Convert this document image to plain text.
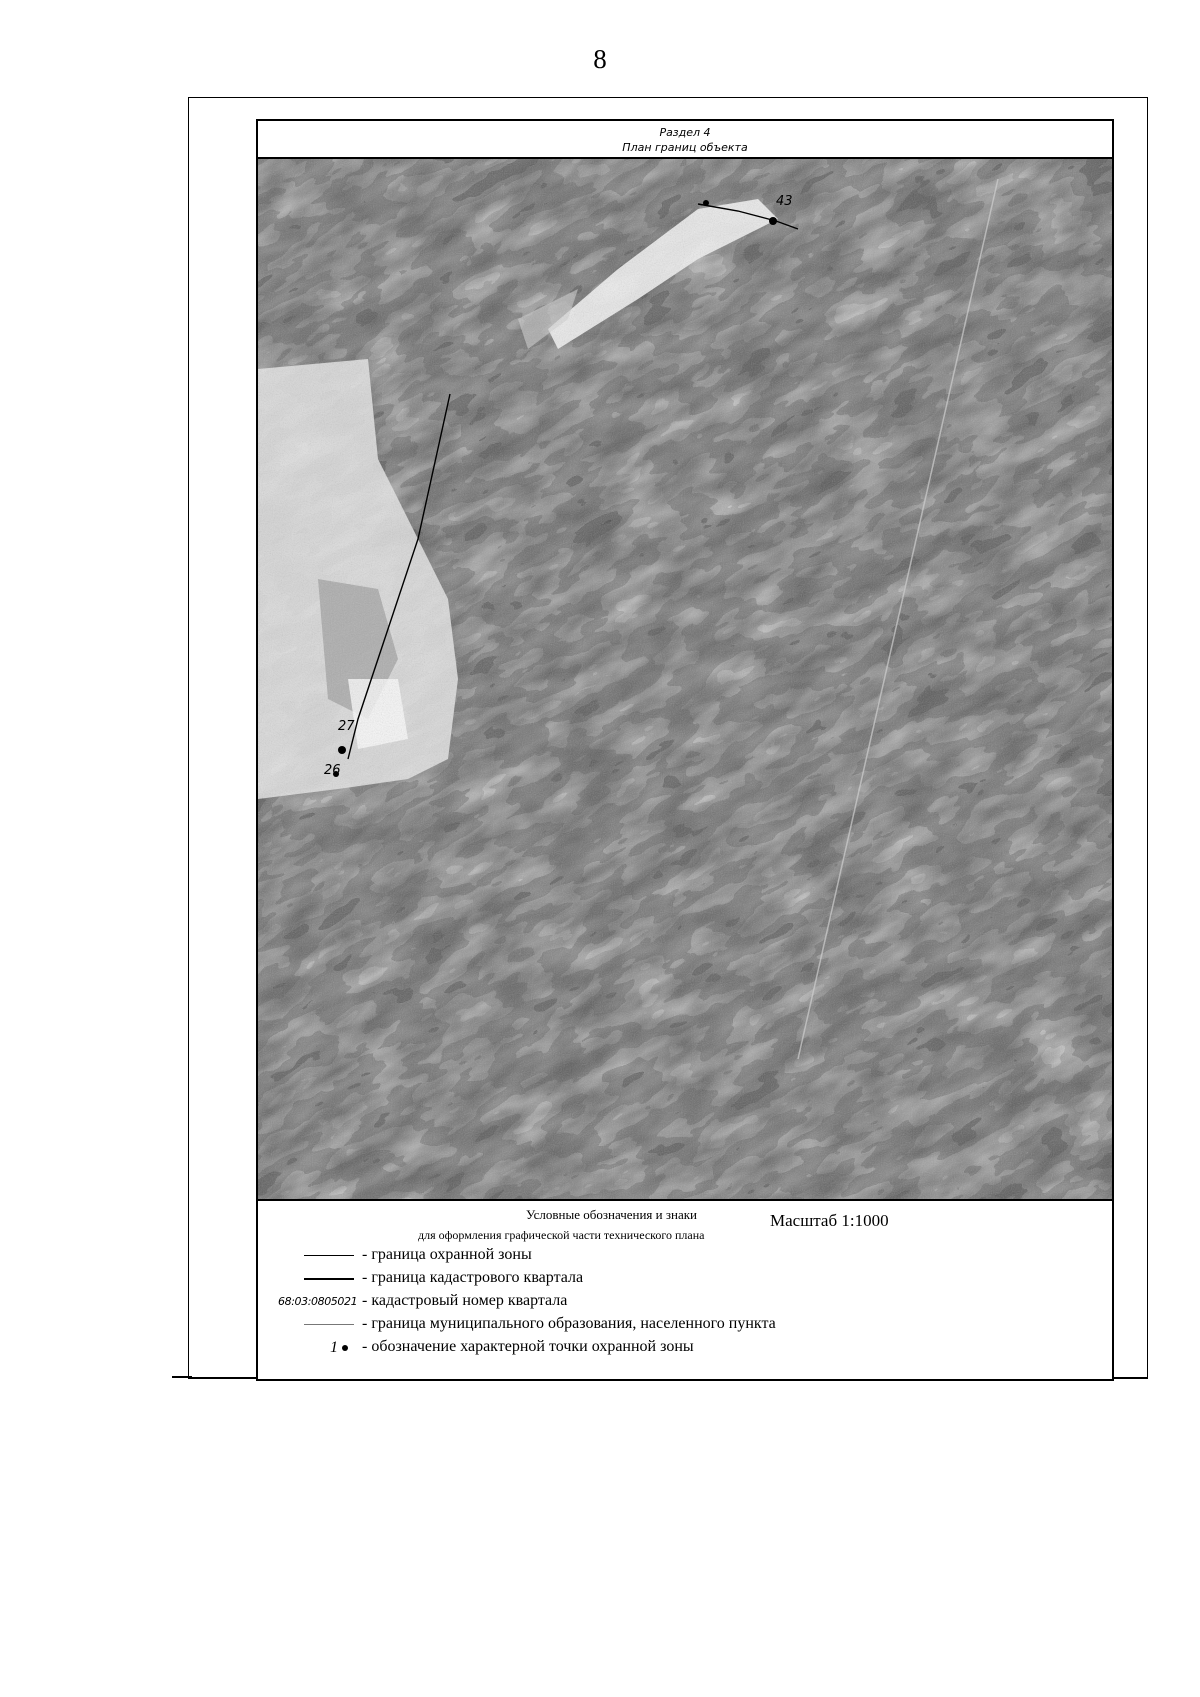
8
Раздел 4
План границ объекта
43
27
26
Условные обозначения и знаки	Масштаб 1:1000
для оформления графической части технического плана
- граница охранной зоны
- граница кадастрового квартала
68:03:0805021 - кадастровый номер квартала
- граница муниципального образования, населенного пункта
1	- обозначение характерной точки охранной зоны
